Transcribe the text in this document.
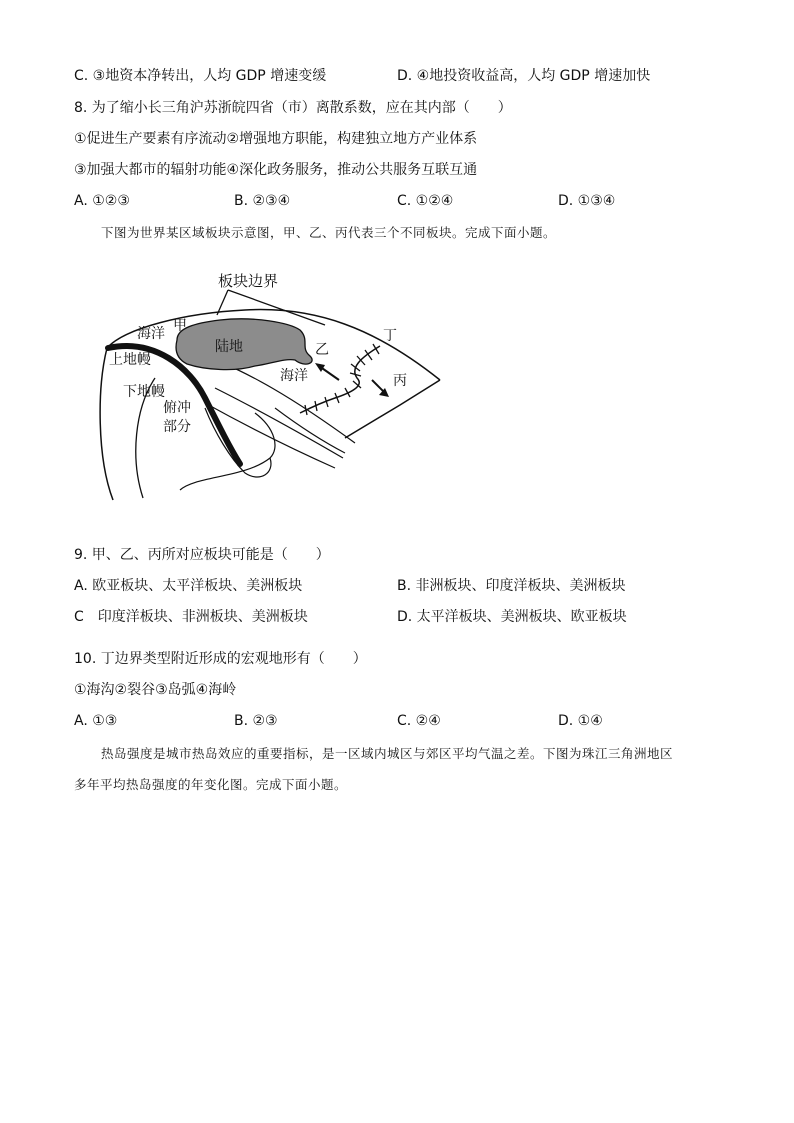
C. ③地资本净转出，人均 GDP 增速变缓	D. ④地投资收益高，人均 GDP 增速加快
8. 为了缩小长三角沪苏浙皖四省（市）离散系数，应在其内部（　　）
①促进生产要素有序流动②增强地方职能，构建独立地方产业体系
③加强大都市的辐射功能④深化政务服务，推动公共服务互联互通
A. ①②③	B. ②③④	C. ①②④	D. ①③④
下图为世界某区域板块示意图，甲、乙、丙代表三个不同板块。完成下面小题。
板块边界
海洋 甲
陆地	乙
丁
上地幔
海洋	丙
下地幔
俯冲
部分
9. 甲、乙、丙所对应板块可能是（　　）
A. 欧亚板块、太平洋板块、美洲板块	B. 非洲板块、印度洋板块、美洲板块
C　印度洋板块、非洲板块、美洲板块	D. 太平洋板块、美洲板块、欧亚板块
10. 丁边界类型附近形成的宏观地形有（　　）
①海沟②裂谷③岛弧④海岭
A. ①③	B. ②③	C. ②④	D. ①④
热岛强度是城市热岛效应的重要指标，是一区域内城区与郊区平均气温之差。下图为珠江三角洲地区
多年平均热岛强度的年变化图。完成下面小题。
